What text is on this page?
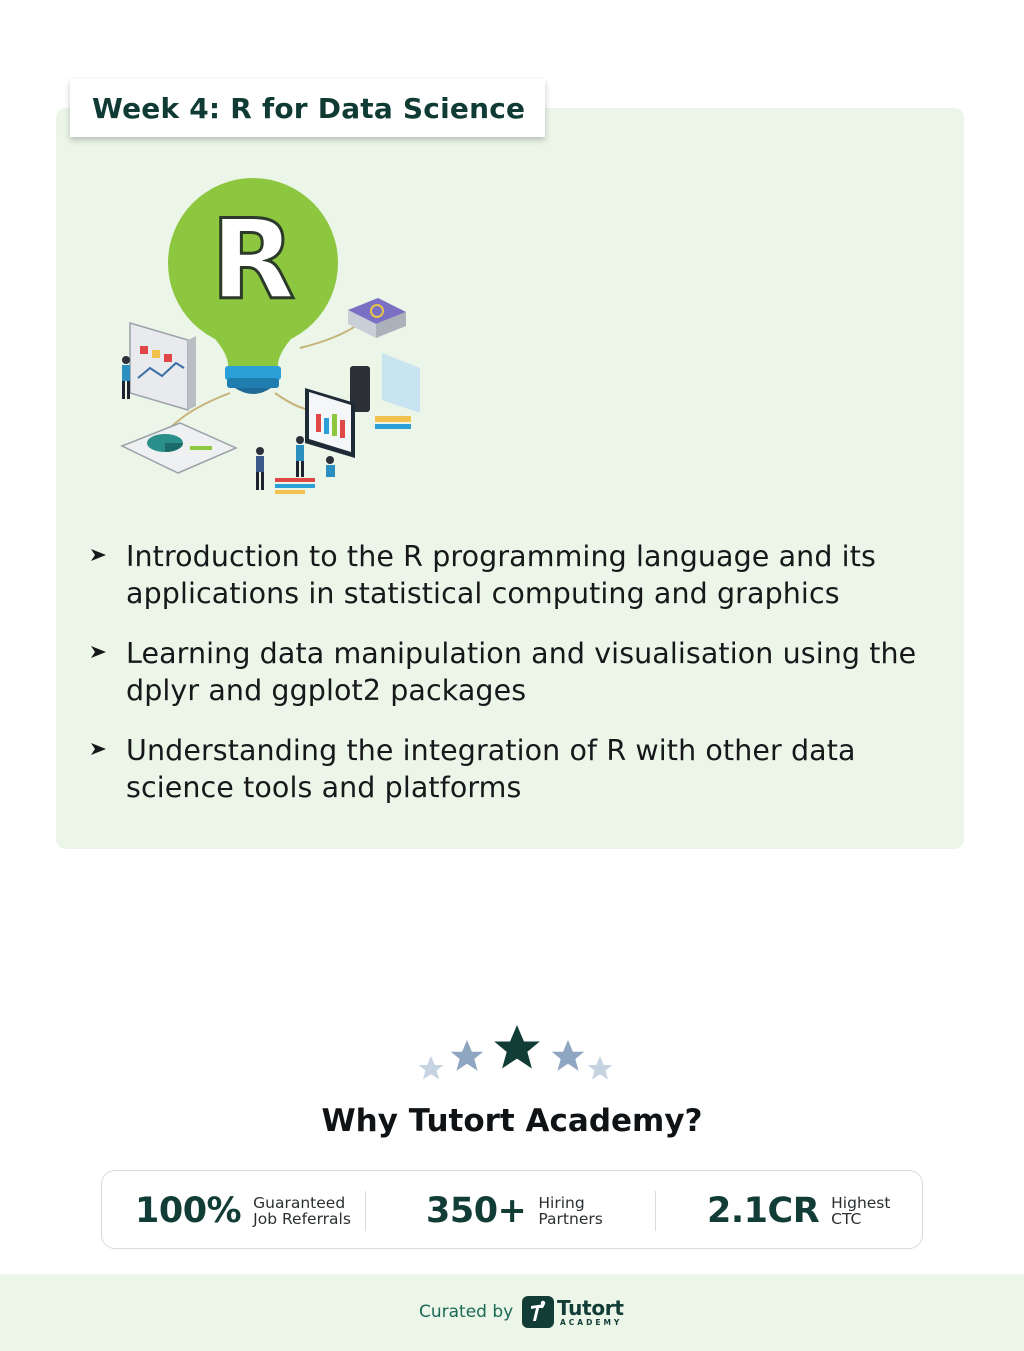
Week 4: R for Data Science
R
Introduction to the R programming language and its applications in statistical computing and graphics
Learning data manipulation and visualisation using the dplyr and ggplot2 packages
Understanding the integration of R with other data science tools and platforms
Why Tutort Academy?
100% Guaranteed
Job Referrals 350+ Hiring
Partners	2.1CR Highest
CTC
Curated by Tutort
ACADEMY
